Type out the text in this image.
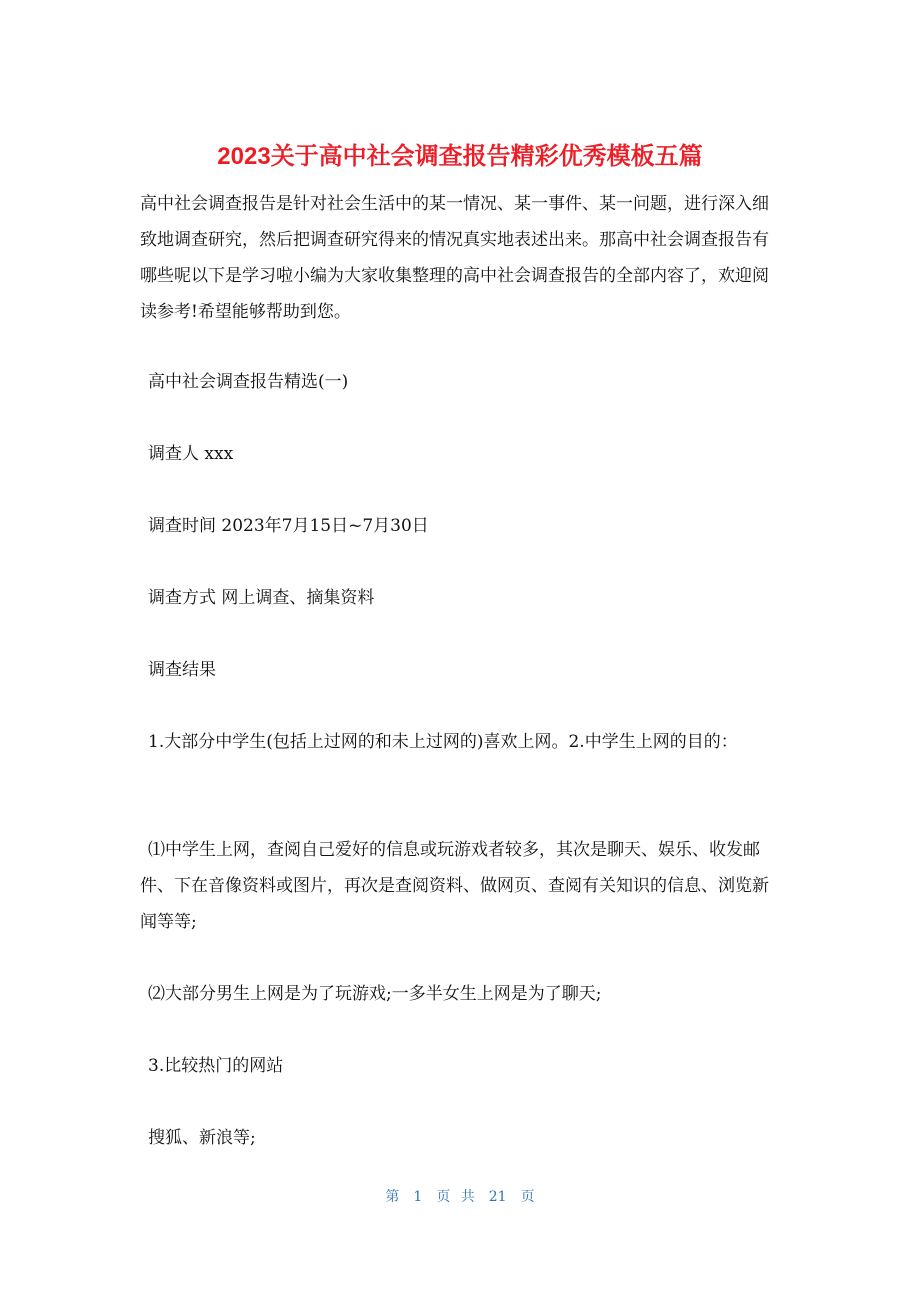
2023关于高中社会调查报告精彩优秀模板五篇

高中社会调查报告是针对社会生活中的某一情况、某一事件、某一问题，进行深入细致地调查研究，然后把调查研究得来的情况真实地表述出来。那高中社会调查报告有哪些呢以下是学习啦小编为大家收集整理的高中社会调查报告的全部内容了，欢迎阅读参考!希望能够帮助到您。

高中社会调查报告精选(一)

调查人 xxx

调查时间 2023年7月15日~7月30日

调查方式 网上调查、摘集资料

调查结果

1.大部分中学生(包括上过网的和未上过网的)喜欢上网。2.中学生上网的目的：

⑴中学生上网，查阅自己爱好的信息或玩游戏者较多，其次是聊天、娱乐、收发邮件、下在音像资料或图片，再次是查阅资料、做网页、查阅有关知识的信息、浏览新闻等等;

⑵大部分男生上网是为了玩游戏;一多半女生上网是为了聊天;

3.比较热门的网站

搜狐、新浪等;

第 1 页 共 21 页
